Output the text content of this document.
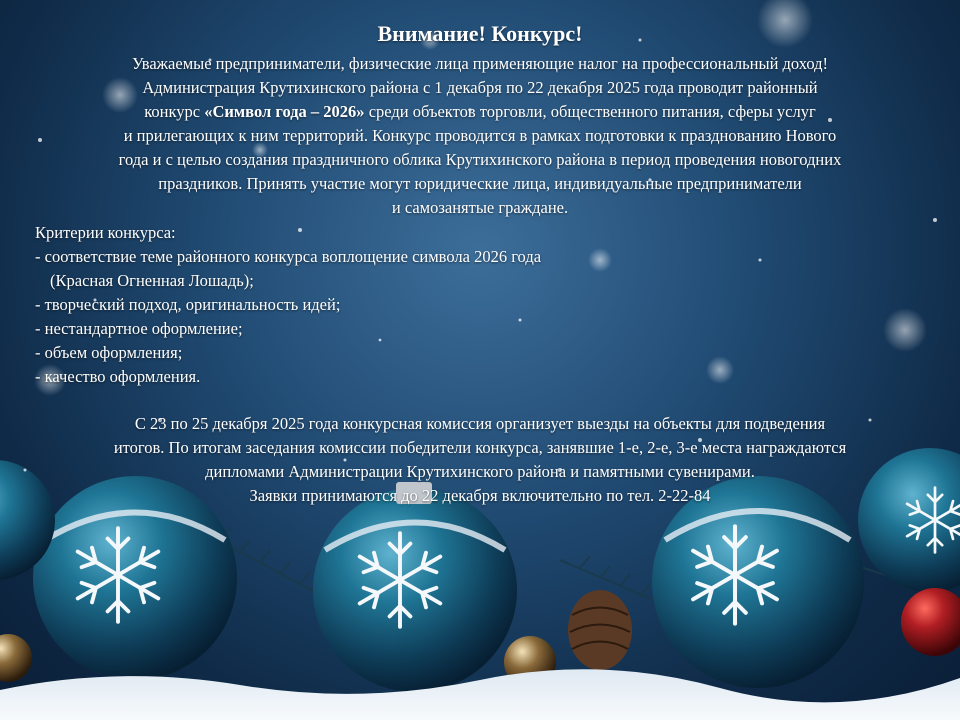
Внимание! Конкурс!

Уважаемые предприниматели, физические лица применяющие налог на профессиональный доход!

Администрация Крутихинского района с 1 декабря по 22 декабря 2025 года проводит районный

конкурс «Символ года – 2026» среди объектов торговли, общественного питания, сферы услуг

и прилегающих к ним территорий. Конкурс проводится в рамках подготовки к празднованию Нового

года и с целью создания праздничного облика Крутихинского района в период проведения новогодних

праздников. Принять участие могут юридические лица, индивидуальные предприниматели

и самозанятые граждане.

Критерии конкурса:

- соответствие теме районного конкурса воплощение символа 2026 года

(Красная Огненная Лошадь);

- творческий подход, оригинальность идей;

- нестандартное оформление;

- объем оформления;

- качество оформления.

С 23 по 25 декабря 2025 года конкурсная комиссия организует выезды на объекты для подведения

итогов. По итогам заседания комиссии победители конкурса, занявшие 1-е, 2-е, 3-е места награждаются

дипломами Администрации Крутихинского района и памятными сувенирами.

Заявки принимаются до 22 декабря включительно по тел. 2-22-84
